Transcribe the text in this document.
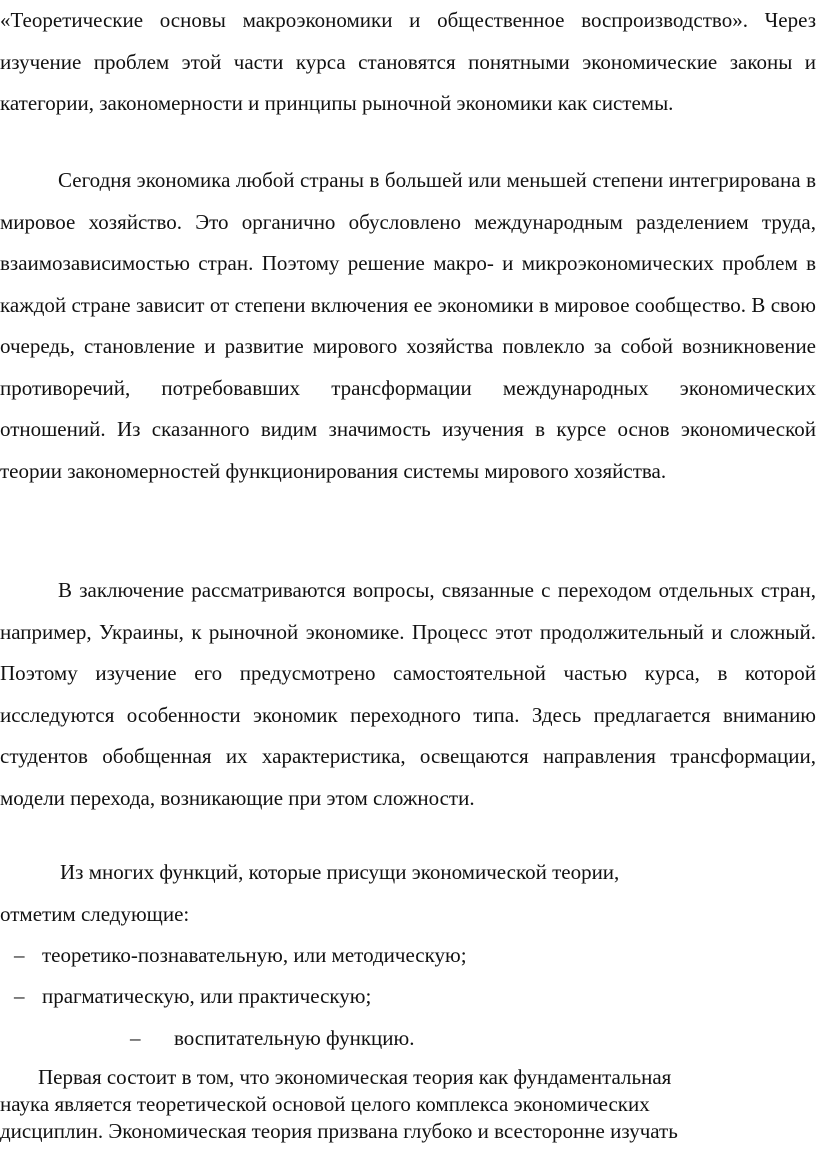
«Теоретические основы макроэкономики и общественное воспроизводство». Через изучение проблем этой части курса становятся понятными экономические законы и категории, закономерности и принципы рыночной экономики как системы.

Сегодня экономика любой страны в большей или меньшей степени интегрирована в мировое хозяйство. Это органично обусловлено международным разделением труда, взаимозависимостью стран. Поэтому решение макро- и микроэкономических проблем в каждой стране зависит от степени включения ее экономики в мировое сообщество. В свою очередь, становление и развитие мирового хозяйства повлекло за собой возникновение противоречий, потребовавших трансформации международных экономических отношений. Из сказанного видим значимость изучения в курсе основ экономической теории закономерностей функционирования системы мирового хозяйства.

В заключение рассматриваются вопросы, связанные с переходом отдельных стран, например, Украины, к рыночной экономике. Процесс этот продолжительный и сложный. Поэтому изучение его предусмотрено самостоятельной частью курса, в которой исследуются особенности экономик переходного типа. Здесь предлагается вниманию студентов обобщенная их характеристика, освещаются направления трансформации, модели перехода, возникающие при этом сложности.

Из многих функций, которые присущи экономической теории,
отметим следующие:

– теоретико-познавательную, или методическую;
– прагматическую, или практическую;
– воспитательную функцию.

Первая состоит в том, что экономическая теория как фундаментальная
наука является теоретической основой целого комплекса экономических
дисциплин. Экономическая теория призвана глубоко и всесторонне изучать
